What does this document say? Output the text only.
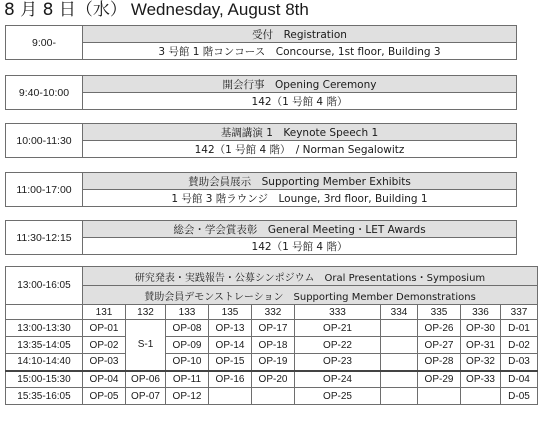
8 月 8 日（水） Wednesday, August 8th
9:00-	受付　Registration
3 号館 1 階コンコース　Concourse, 1st floor, Building 3
9:40-10:00	開会行事　Opening Ceremony
142（1 号館 4 階）
10:00-11:30	基調講演 1　Keynote Speech 1
142（1 号館 4 階）　/ Norman Segalowitz
11:00-17:00	賛助会員展示　Supporting Member Exhibits
1 号館 3 階ラウンジ　Lounge, 3rd floor, Building 1
11:30-12:15	総会・学会賞表彰　General Meeting・LET Awards
142（1 号館 4 階）
13:00-16:05	研究発表・実践報告・公募シンポジウム　Oral Presentations・Symposium									
	賛助会員デモンストレーション　Supporting Member Demonstrations									
	131	132	133	135	332	333	334	335	336	337
13:00-13:30	OP-01	S-1	OP-08	OP-13	OP-17	OP-21		OP-26	OP-30	D-01
13:35-14:05	OP-02		OP-09	OP-14	OP-18	OP-22		OP-27	OP-31	D-02
14:10-14:40	OP-03		OP-10	OP-15	OP-19	OP-23		OP-28	OP-32	D-03
15:00-15:30	OP-04	OP-06	OP-11	OP-16	OP-20	OP-24		OP-29	OP-33	D-04
15:35-16:05	OP-05	OP-07	OP-12			OP-25				D-05
